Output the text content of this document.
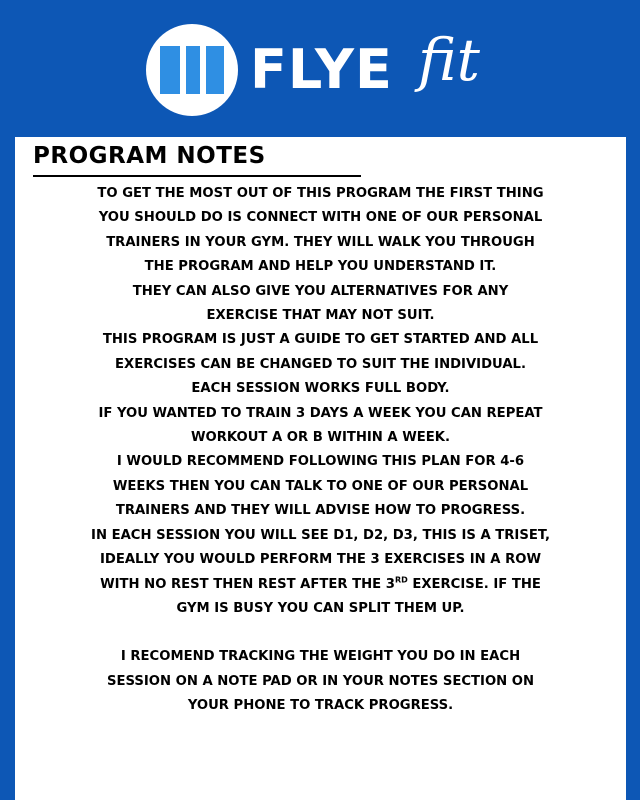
FLYE fit
PROGRAM NOTES
TO GET THE MOST OUT OF THIS PROGRAM THE FIRST THING
YOU SHOULD DO IS CONNECT WITH ONE OF OUR PERSONAL
TRAINERS IN YOUR GYM. THEY WILL WALK YOU THROUGH
THE PROGRAM AND HELP YOU UNDERSTAND IT.
THEY CAN ALSO GIVE YOU ALTERNATIVES FOR ANY
EXERCISE THAT MAY NOT SUIT.
THIS PROGRAM IS JUST A GUIDE TO GET STARTED AND ALL
EXERCISES CAN BE CHANGED TO SUIT THE INDIVIDUAL.
EACH SESSION WORKS FULL BODY.
IF YOU WANTED TO TRAIN 3 DAYS A WEEK YOU CAN REPEAT
WORKOUT A OR B WITHIN A WEEK.
I WOULD RECOMMEND FOLLOWING THIS PLAN FOR 4-6
WEEKS THEN YOU CAN TALK TO ONE OF OUR PERSONAL
TRAINERS AND THEY WILL ADVISE HOW TO PROGRESS.
IN EACH SESSION YOU WILL SEE D1, D2, D3, THIS IS A TRISET,
IDEALLY YOU WOULD PERFORM THE 3 EXERCISES IN A ROW
WITH NO REST THEN REST AFTER THE 3RD EXERCISE. IF THE
GYM IS BUSY YOU CAN SPLIT THEM UP.
I RECOMEND TRACKING THE WEIGHT YOU DO IN EACH
SESSION ON A NOTE PAD OR IN YOUR NOTES SECTION ON
YOUR PHONE TO TRACK PROGRESS.
